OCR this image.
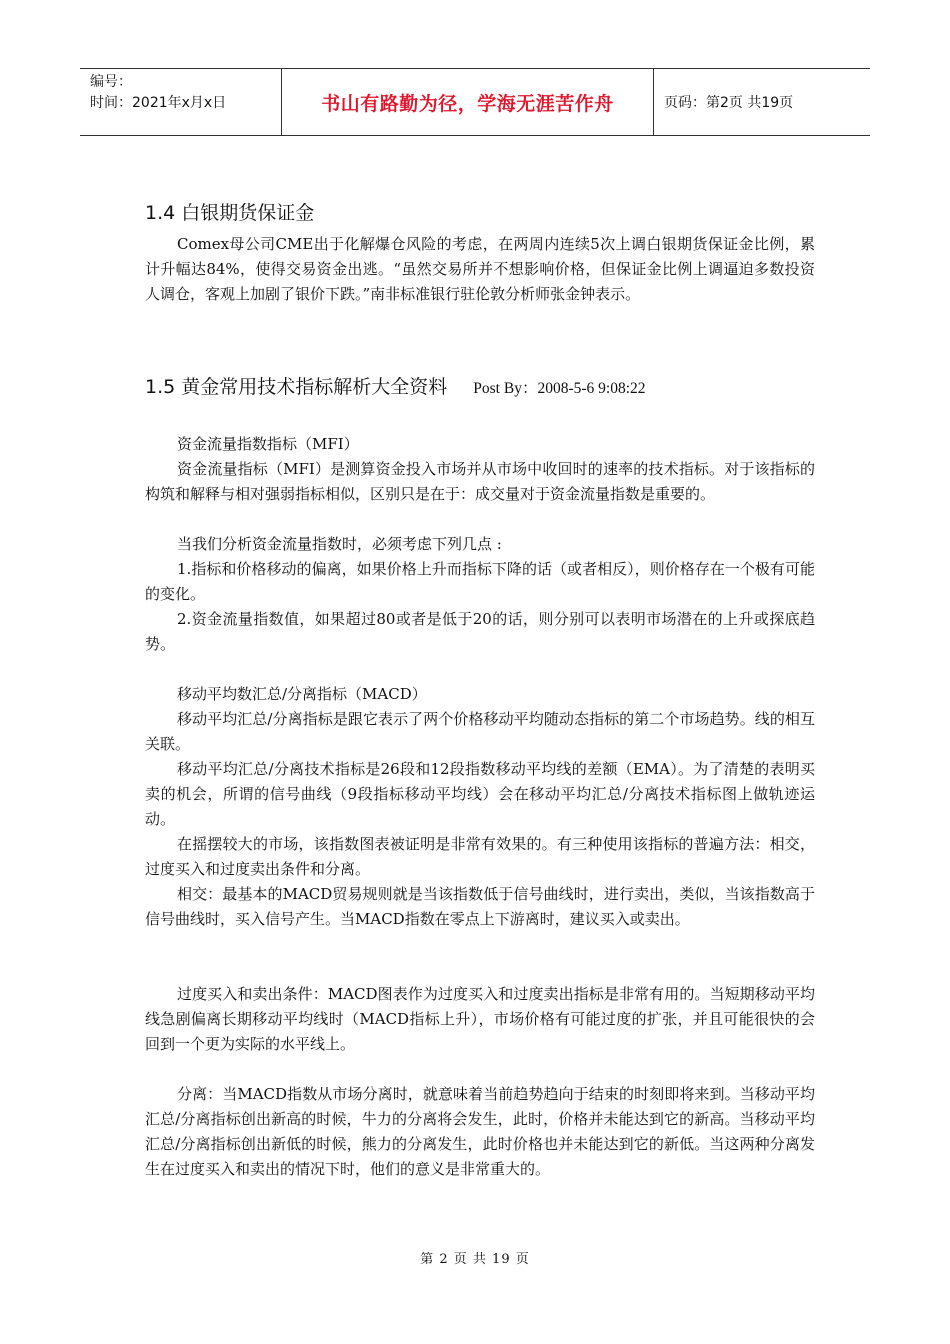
编号：
时间：2021年x月x日	书山有路勤为径，学海无涯苦作舟	页码：第2页 共19页
1.4 白银期货保证金
Comex母公司CME出于化解爆仓风险的考虑，在两周内连续5次上调白银期货保证金比例，累计升幅达84%，使得交易资金出逃。“虽然交易所并不想影响价格，但保证金比例上调逼迫多数投资人调仓，客观上加剧了银价下跌。”南非标准银行驻伦敦分析师张金钟表示。
1.5 黄金常用技术指标解析大全资料 Post By：2008-5-6 9:08:22
资金流量指数指标（MFI）
资金流量指标（MFI）是测算资金投入市场并从市场中收回时的速率的技术指标。对于该指标的构筑和解释与相对强弱指标相似，区别只是在于：成交量对于资金流量指数是重要的。
当我们分析资金流量指数时，必须考虑下列几点 :
1.指标和价格移动的偏离，如果价格上升而指标下降的话（或者相反），则价格存在一个极有可能的变化。
2.资金流量指数值，如果超过80或者是低于20的话，则分别可以表明市场潜在的上升或探底趋势。
移动平均数汇总/分离指标（MACD）
移动平均汇总/分离指标是跟它表示了两个价格移动平均随动态指标的第二个市场趋势。线的相互关联。
移动平均汇总/分离技术指标是26段和12段指数移动平均线的差额（EMA）。为了清楚的表明买卖的机会，所谓的信号曲线（9段指标移动平均线）会在移动平均汇总/分离技术指标图上做轨迹运动。
在摇摆较大的市场，该指数图表被证明是非常有效果的。有三种使用该指标的普遍方法：相交，过度买入和过度卖出条件和分离。
相交：最基本的MACD贸易规则就是当该指数低于信号曲线时，进行卖出，类似，当该指数高于信号曲线时，买入信号产生。当MACD指数在零点上下游离时，建议买入或卖出。
过度买入和卖出条件：MACD图表作为过度买入和过度卖出指标是非常有用的。当短期移动平均线急剧偏离长期移动平均线时（MACD指标上升），市场价格有可能过度的扩张，并且可能很快的会回到一个更为实际的水平线上。
分离：当MACD指数从市场分离时，就意味着当前趋势趋向于结束的时刻即将来到。当移动平均汇总/分离指标创出新高的时候，牛力的分离将会发生，此时，价格并未能达到它的新高。当移动平均汇总/分离指标创出新低的时候，熊力的分离发生，此时价格也并未能达到它的新低。当这两种分离发生在过度买入和卖出的情况下时，他们的意义是非常重大的。
第 2 页 共 19 页
